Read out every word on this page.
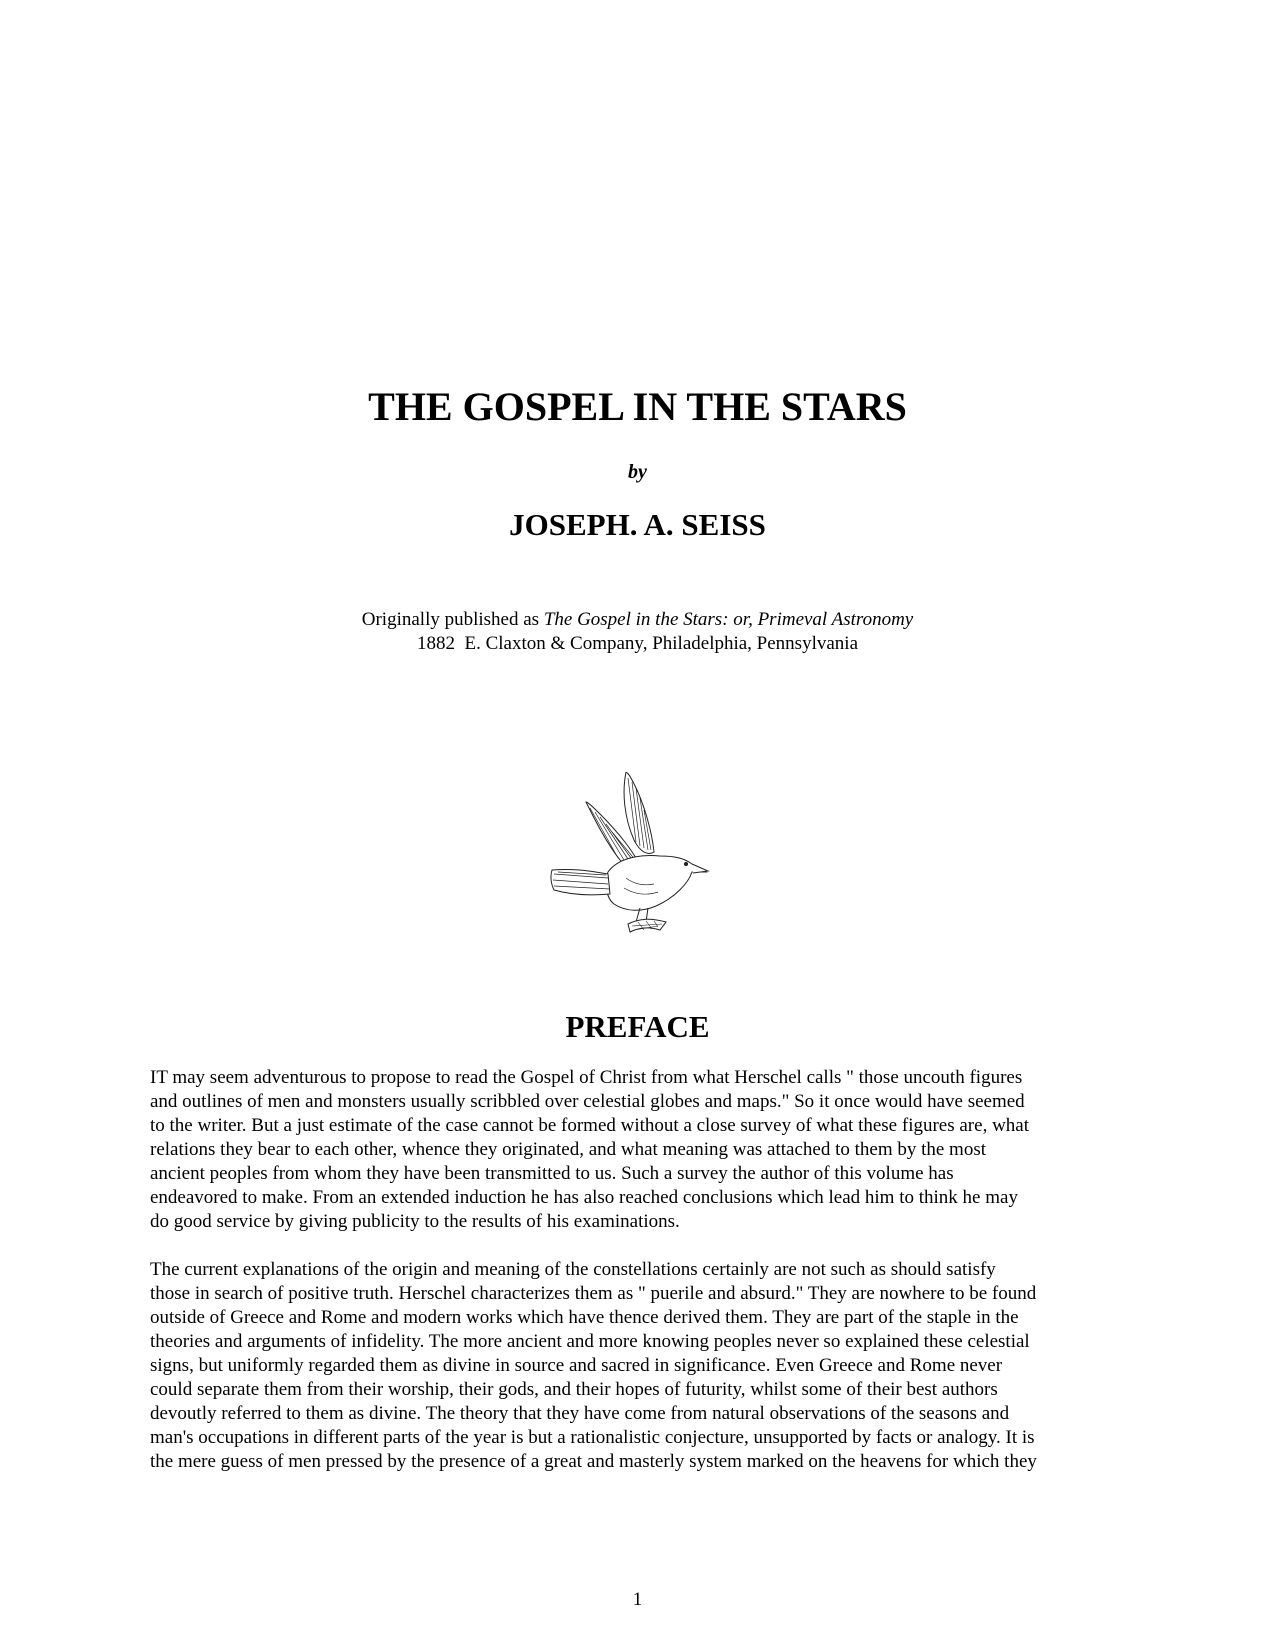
THE GOSPEL IN THE STARS
by
JOSEPH. A. SEISS
Originally published as The Gospel in the Stars: or, Primeval Astronomy
1882  E. Claxton & Company, Philadelphia, Pennsylvania
PREFACE
IT may seem adventurous to propose to read the Gospel of Christ from what Herschel calls " those uncouth figures
and outlines of men and monsters usually scribbled over celestial globes and maps." So it once would have seemed
to the writer. But a just estimate of the case cannot be formed without a close survey of what these figures are, what
relations they bear to each other, whence they originated, and what meaning was attached to them by the most
ancient peoples from whom they have been transmitted to us. Such a survey the author of this volume has
endeavored to make. From an extended induction he has also reached conclusions which lead him to think he may
do good service by giving publicity to the results of his examinations.
The current explanations of the origin and meaning of the constellations certainly are not such as should satisfy
those in search of positive truth. Herschel characterizes them as " puerile and absurd." They are nowhere to be found
outside of Greece and Rome and modern works which have thence derived them. They are part of the staple in the
theories and arguments of infidelity. The more ancient and more knowing peoples never so explained these celestial
signs, but uniformly regarded them as divine in source and sacred in significance. Even Greece and Rome never
could separate them from their worship, their gods, and their hopes of futurity, whilst some of their best authors
devoutly referred to them as divine. The theory that they have come from natural observations of the seasons and
man's occupations in different parts of the year is but a rationalistic conjecture, unsupported by facts or analogy. It is
the mere guess of men pressed by the presence of a great and masterly system marked on the heavens for which they
1
